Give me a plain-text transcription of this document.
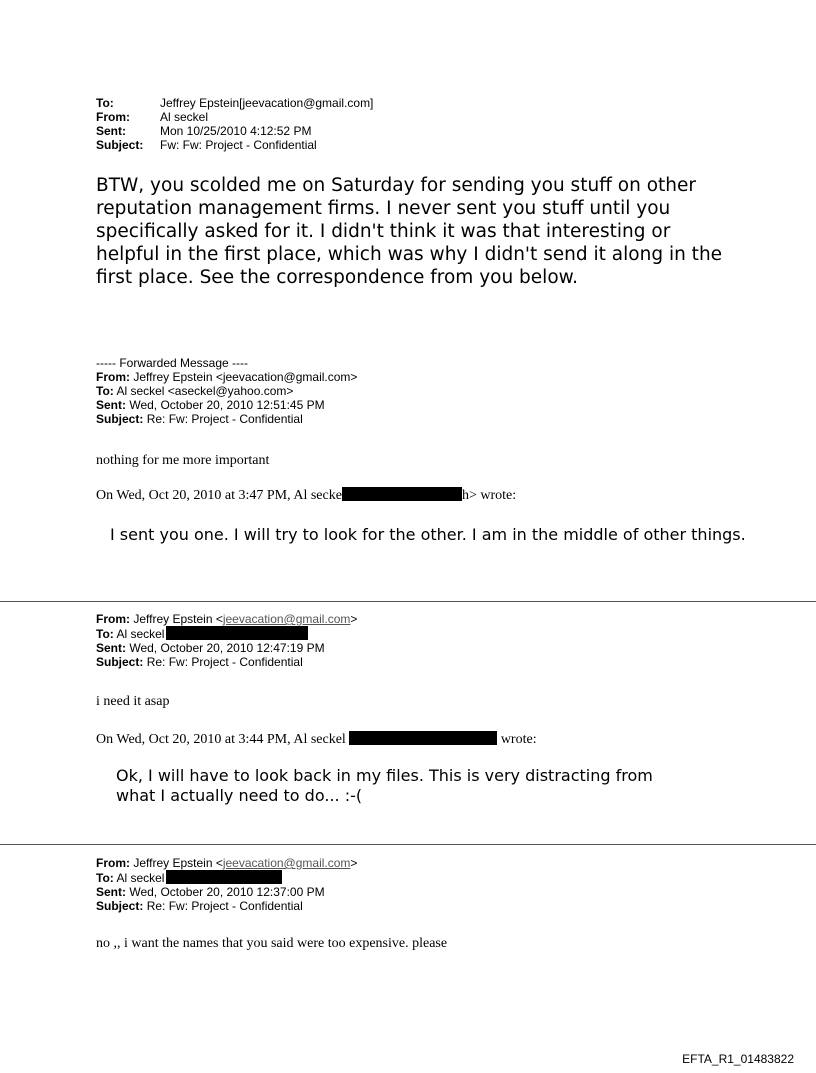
To:	Jeffrey Epstein[jeevacation@gmail.com]
From:	Al seckel
Sent:	Mon 10/25/2010 4:12:52 PM
Subject:	Fw: Fw: Project - Confidential
BTW, you scolded me on Saturday for sending you stuff on other reputation management firms. I never sent you stuff until you specifically asked for it. I didn't think it was that interesting or helpful in the first place, which was why I didn't send it along in the first place. See the correspondence from you below.
----- Forwarded Message ----
From: Jeffrey Epstein <jeevacation@gmail.com>
To: Al seckel <aseckel@yahoo.com>
Sent: Wed, October 20, 2010 12:51:45 PM
Subject: Re: Fw: Project - Confidential
nothing for me more important
On Wed, Oct 20, 2010 at 3:47 PM, Al secke	h> wrote:
I sent you one. I will try to look for the other. I am in the middle of other things.
From: Jeffrey Epstein <jeevacation@gmail.com>
To: Al seckel
Sent: Wed, October 20, 2010 12:47:19 PM
Subject: Re: Fw: Project - Confidential
i need it asap
On Wed, Oct 20, 2010 at 3:44 PM, Al seckel	wrote:
Ok, I will have to look back in my files. This is very distracting from
what I actually need to do... :-(
From: Jeffrey Epstein <jeevacation@gmail.com>
To: Al seckel
Sent: Wed, October 20, 2010 12:37:00 PM
Subject: Re: Fw: Project - Confidential
no ,, i want the names that you said were too expensive. please
EFTA_R1_01483822
